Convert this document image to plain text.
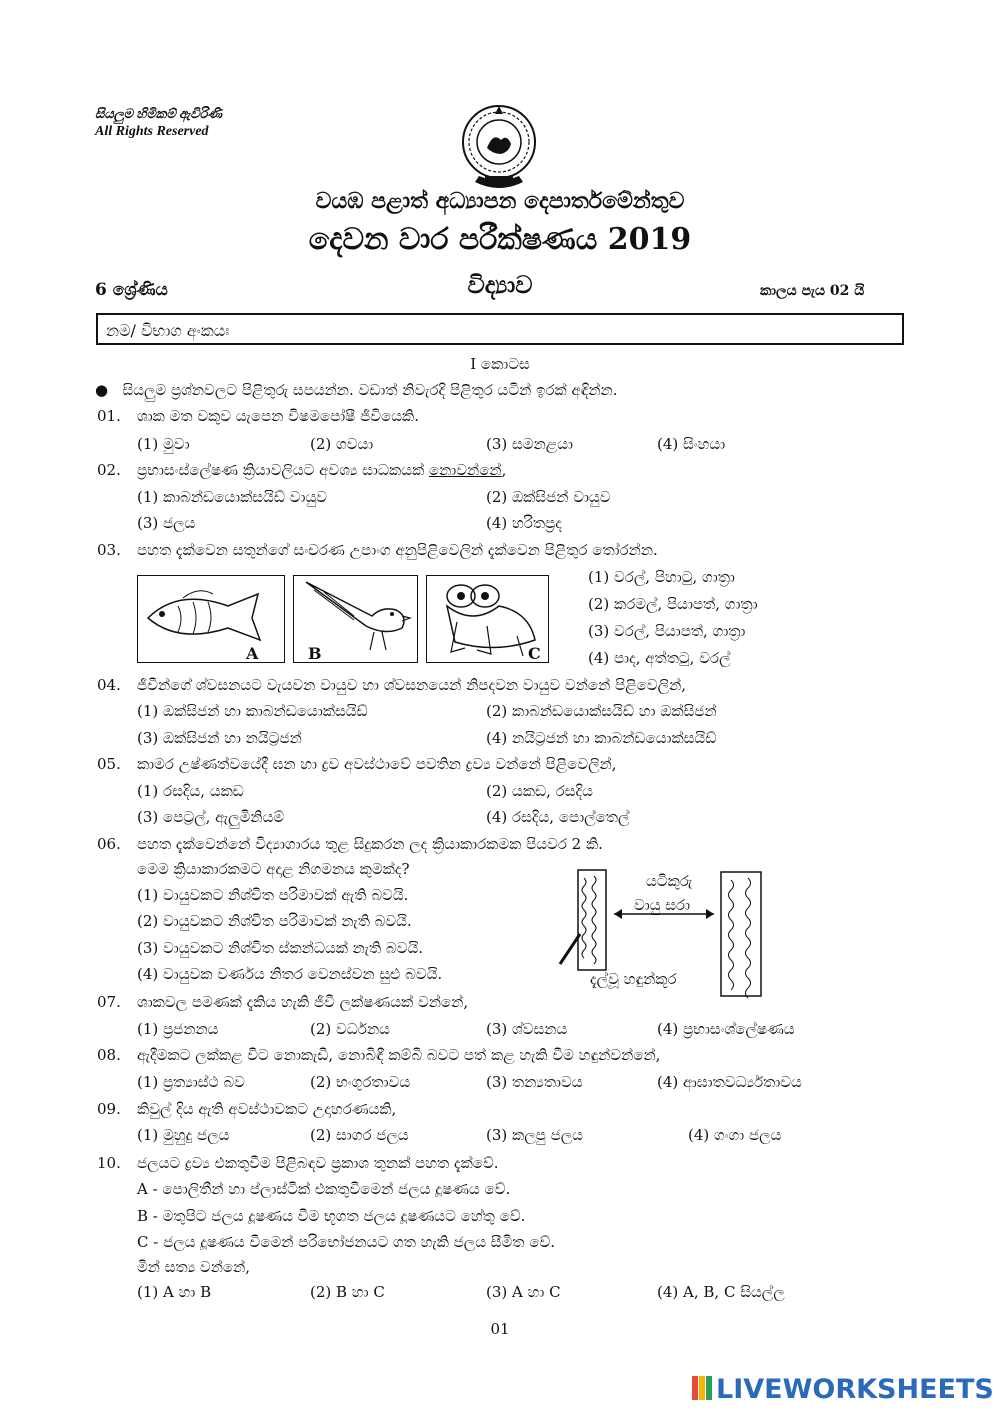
සියලුම හිමිකම් ඇවිරිණි
All Rights Reserved
වයඹ පළාත් අධ්‍යාපන දෙපාර්තමේන්තුව
දෙවන වාර පරීක්ෂණය 2019
6 ශ්‍රේණිය	විද්‍යාව	කාලය පැය 02 යි
නම/ විභාග අංකයඃ
I කොටස
● සියලුම ප්‍රශ්නවලට පිළිතුරු සපයන්න. වඩාත් නිවැරදි පිළිතුර යටින් ඉරක් අඳින්න.
01. ශාක මත වකුව යැපෙන විෂමපෝෂී ජීවියෙකි.
(1) මුවා	(2) ගවයා	(3) සමනළයා	(4) සිංහයා
02. ප්‍රභාසංස්ලේෂණ ක්‍රියාවලියට අවශ්‍ය සාධකයක් නොවන්නේ,
(1) කාබන්ඩයොක්සයිඩ් වායුව	(2) ඔක්සිජන් වායුව
(3) ජලය	(4) හරිතප්‍රද
03. පහත දැක්වෙන සතුන්ගේ සංචරණ උපාංග අනුපිළිවෙලින් දැක්වෙන පිළිතුර තෝරන්න.
A	B	C
(1) වරල්, පිහාටු, ගාත්‍රා
(2) කරමල්, පියාපත්, ගාත්‍රා
(3) වරල්, පියාපත්, ගාත්‍රා
(4) පාද, අත්තටු, වරල්
04. ජීවීන්ගේ ශ්වසනයට වැයවන වායුව හා ශ්වසනයෙන් නිපදවන වායුව වන්නේ පිළිවෙලින්,
(1) ඔක්සිජන් හා කාබන්ඩයොක්සයිඩ්	(2) කාබන්ඩයොක්සයිඩ් හා ඔක්සිජන්
(3) ඔක්සිජන් හා නයිට්‍රජන්	(4) නයිට්‍රජන් හා කාබන්ඩයොක්සයිඩ්
05. කාමර උෂ්ණත්වයේදී ඝන හා ද්‍රව අවස්ථාවේ පවතින ද්‍රව්‍ය වන්නේ පිළිවෙලින්,
(1) රසදිය, යකඩ	(2) යකඩ, රසදිය
(3) පෙට්‍රල්, ඇලුමිනියම්	(4) රසදිය, පොල්තෙල්
06. පහත දැක්වෙන්නේ විද්‍යාගාරය තුළ සිදුකරන ලද ක්‍රියාකාරකමක පියවර 2 කි.
මෙම ක්‍රියාකාරකමට අදාළ නිගමනය කුමක්ද?
(1) වායුවකට නිශ්චිත පරිමාවක් ඇති බවයි.
(2) වායුවකට නිශ්චිත පරිමාවක් නැති බවයි.
(3) වායුවකට නිශ්චිත ස්කන්ධයක් නැති බවයි.
(4) වායුවක වර්ණය නිතර වෙනස්වන සුළු බවයි.
යටිකුරු
වායු සරා
දැල්වූ හඳුන්කූර
07. ශාකවල පමණක් දැකිය හැකි ජීවී ලක්ෂණයක් වන්නේ,
(1) ප්‍රජනනය	(2) වර්ධනය	(3) ශ්වසනය	(4) ප්‍රභාසංශ්ලේෂණය
08. ඇදීමකට ලක්කළ විට නොකැඩී, නොබිඳී කම්බි බවට පත් කළ හැකි වීම හඳුන්වන්නේ,
(1) ප්‍රත්‍යාස්ථ බව	(2) භංගුරතාවය	(3) තන්‍යතාවය	(4) ආඝාතවර්ධ්‍යතාවය
09. කිවුල් දිය ඇති අවස්ථාවකට උදාහරණයකි,
(1) මුහුදු ජලය	(2) සාගර ජලය	(3) කලපු ජලය	(4) ගංගා ජලය
10. ජලයට ද්‍රව්‍ය එකතුවීම පිළිබඳව ප්‍රකාශ තුනක් පහත දැක්වේ.
A - පොලිතීන් හා ප්ලාස්ටික් එකතුවීමෙන් ජලය දූෂණය වේ.
B - මතුපිට ජලය දූෂණය වීම භූගත ජලය දූෂණයට හේතු වේ.
C - ජලය දූෂණය වීමෙන් පරිභෝජනයට ගත හැකි ජලය සීමිත වේ.
මින් සත්‍ය වන්නේ,
(1) A හා B	(2) B හා C	(3) A හා C	(4) A, B, C සියල්ල
01
LIVEWORKSHEETS
